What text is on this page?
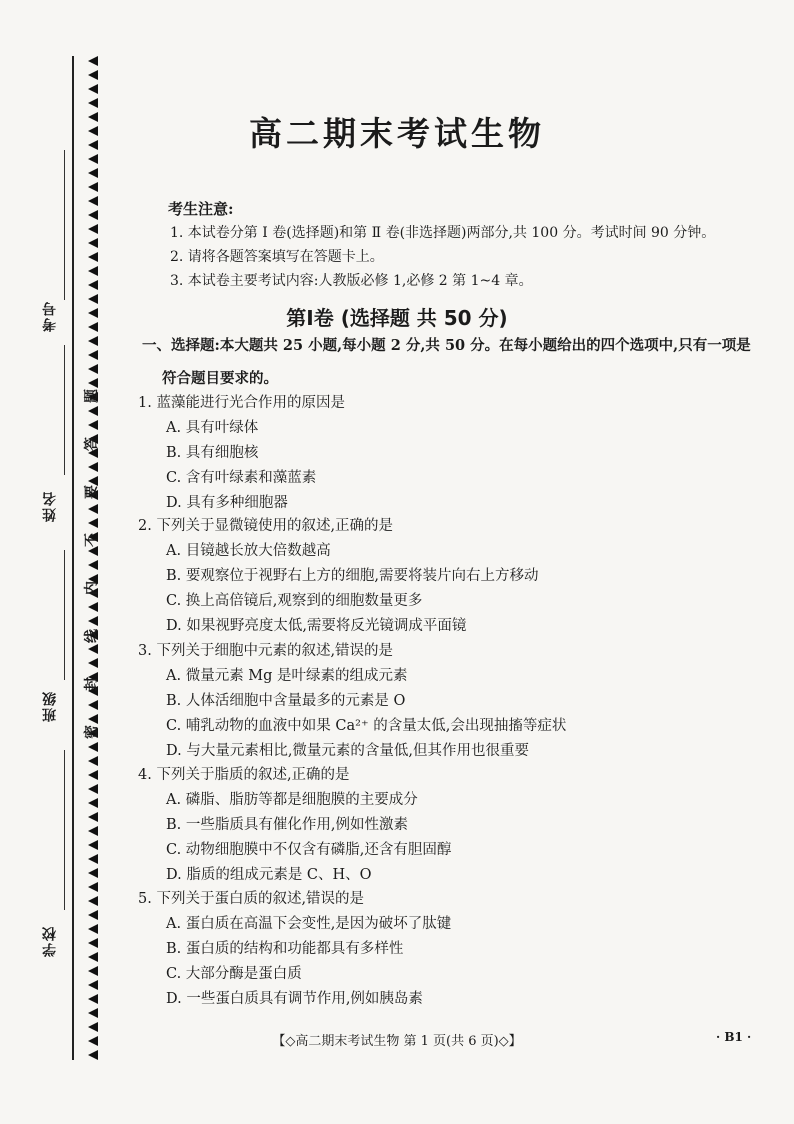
考号
姓名
班级
学校
题
答
要
不
内
线
封
密
高二期末考试生物
考生注意:
1. 本试卷分第 Ⅰ 卷(选择题)和第 Ⅱ 卷(非选择题)两部分,共 100 分。考试时间 90 分钟。
2. 请将各题答案填写在答题卡上。
3. 本试卷主要考试内容:人教版必修 1,必修 2 第 1~4 章。
第Ⅰ卷 (选择题 共 50 分)
一、选择题:本大题共 25 小题,每小题 2 分,共 50 分。在每小题给出的四个选项中,只有一项是
符合题目要求的。
1. 蓝藻能进行光合作用的原因是
A. 具有叶绿体
B. 具有细胞核
C. 含有叶绿素和藻蓝素
D. 具有多种细胞器
2. 下列关于显微镜使用的叙述,正确的是
A. 目镜越长放大倍数越高
B. 要观察位于视野右上方的细胞,需要将装片向右上方移动
C. 换上高倍镜后,观察到的细胞数量更多
D. 如果视野亮度太低,需要将反光镜调成平面镜
3. 下列关于细胞中元素的叙述,错误的是
A. 微量元素 Mg 是叶绿素的组成元素
B. 人体活细胞中含量最多的元素是 O
C. 哺乳动物的血液中如果 Ca²⁺ 的含量太低,会出现抽搐等症状
D. 与大量元素相比,微量元素的含量低,但其作用也很重要
4. 下列关于脂质的叙述,正确的是
A. 磷脂、脂肪等都是细胞膜的主要成分
B. 一些脂质具有催化作用,例如性激素
C. 动物细胞膜中不仅含有磷脂,还含有胆固醇
D. 脂质的组成元素是 C、H、O
5. 下列关于蛋白质的叙述,错误的是
A. 蛋白质在高温下会变性,是因为破坏了肽键
B. 蛋白质的结构和功能都具有多样性
C. 大部分酶是蛋白质
D. 一些蛋白质具有调节作用,例如胰岛素
【◇高二期末考试生物 第 1 页(共 6 页)◇】	· B1 ·
